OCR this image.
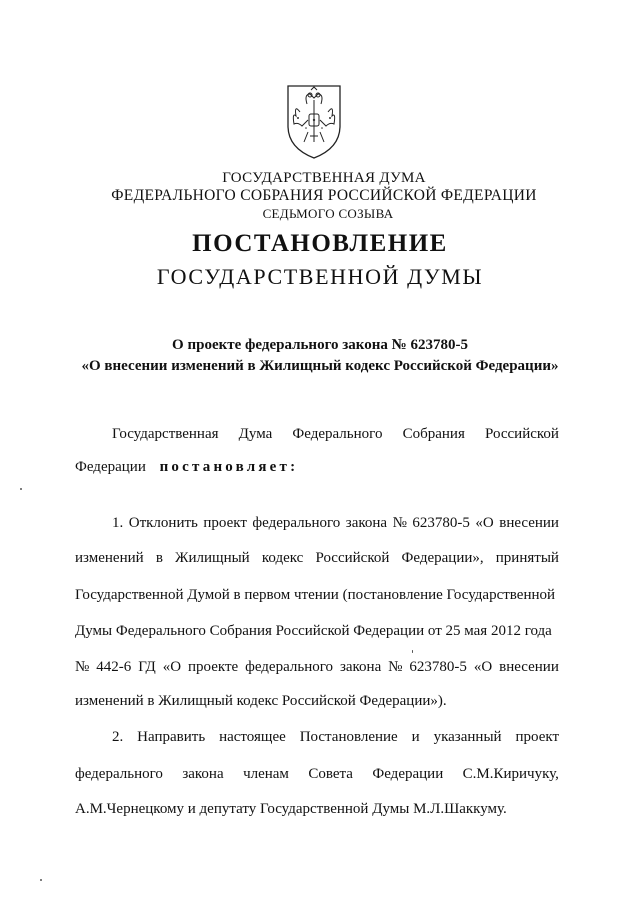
ГОСУДАРСТВЕННАЯ ДУМА
ФЕДЕРАЛЬНОГО СОБРАНИЯ РОССИЙСКОЙ ФЕДЕРАЦИИ
СЕДЬМОГО СОЗЫВА
ПОСТАНОВЛЕНИЕ
ГОСУДАРСТВЕННОЙ ДУМЫ
О проекте федерального закона № 623780-5
«О внесении изменений в Жилищный кодекс Российской Федерации»
Государственная Дума Федерального Собрания Российской
Федерации постановляет:
1. Отклонить проект федерального закона № 623780-5 «О внесении
изменений в Жилищный кодекс Российской Федерации», принятый
Государственной Думой в первом чтении (постановление Государственной
Думы Федерального Собрания Российской Федерации от 25 мая 2012 года
№ 442-6 ГД «О проекте федерального закона № 623780-5 «О внесении
изменений в Жилищный кодекс Российской Федерации»).
2. Направить настоящее Постановление и указанный проект
федерального закона членам Совета Федерации С.М.Киричуку,
А.М.Чернецкому и депутату Государственной Думы М.Л.Шаккуму.
